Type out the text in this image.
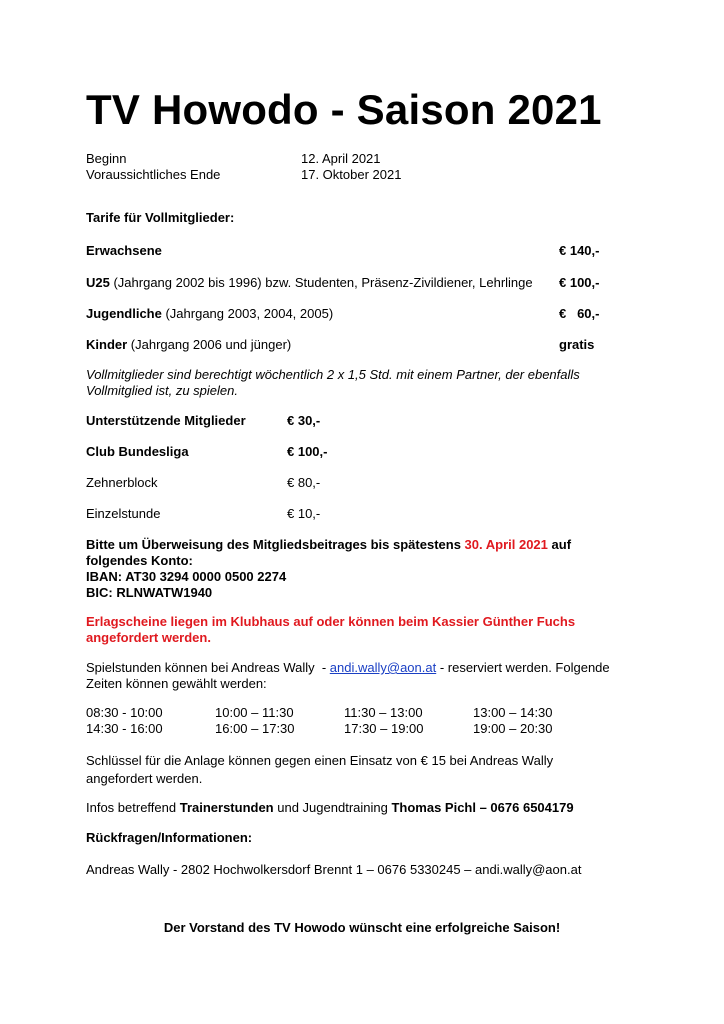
TV Howodo - Saison 2021
Beginn	12. April 2021
Voraussichtliches Ende	17. Oktober 2021
Tarife für Vollmitglieder:
Erwachsene	€ 140,-
U25 (Jahrgang 2002 bis 1996) bzw. Studenten, Präsenz-Zivildiener, Lehrlinge € 100,-
Jugendliche (Jahrgang 2003, 2004, 2005)	€   60,-
Kinder (Jahrgang 2006 und jünger)	gratis
Vollmitglieder sind berechtigt wöchentlich 2 x 1,5 Std. mit einem Partner, der ebenfalls
Vollmitglied ist, zu spielen.
Unterstützende Mitglieder	€ 30,-
Club Bundesliga	€ 100,-
Zehnerblock	€ 80,-
Einzelstunde	€ 10,-
Bitte um Überweisung des Mitgliedsbeitrages bis spätestens 30. April 2021 auf
folgendes Konto:
IBAN: AT30 3294 0000 0500 2274
BIC: RLNWATW1940
Erlagscheine liegen im Klubhaus auf oder können beim Kassier Günther Fuchs
angefordert werden.
Spielstunden können bei Andreas Wally  - andi.wally@aon.at - reserviert werden. Folgende
Zeiten können gewählt werden:
08:30 - 10:00	10:00 – 11:30	11:30 – 13:00	13:00 – 14:30
14:30 - 16:00	16:00 – 17:30	17:30 – 19:00	19:00 – 20:30
Schlüssel für die Anlage können gegen einen Einsatz von € 15 bei Andreas Wally
angefordert werden.
Infos betreffend Trainerstunden und Jugendtraining Thomas Pichl – 0676 6504179
Rückfragen/Informationen:
Andreas Wally - 2802 Hochwolkersdorf Brennt 1 – 0676 5330245 – andi.wally@aon.at
Der Vorstand des TV Howodo wünscht eine erfolgreiche Saison!
